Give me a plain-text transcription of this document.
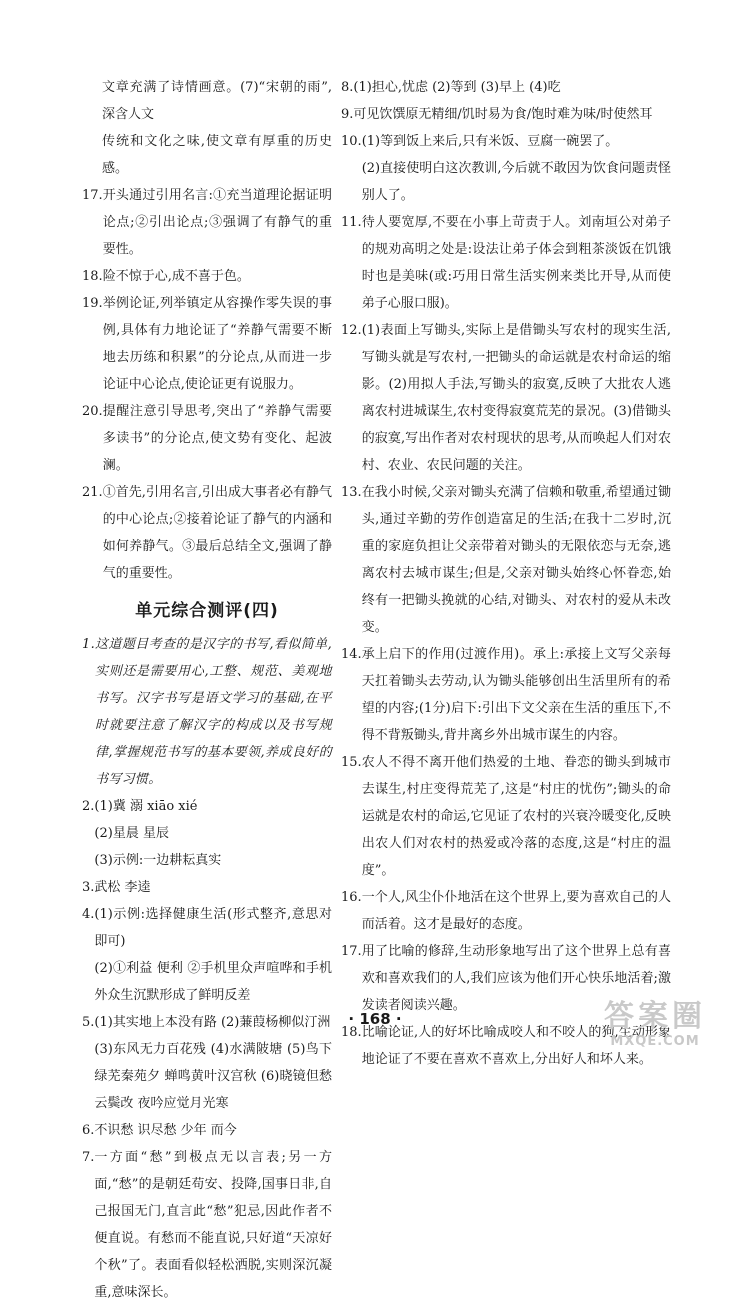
文章充满了诗情画意。(7)“宋朝的雨”,深含人文
传统和文化之味,使文章有厚重的历史感。
17. 开头通过引用名言:①充当道理论据证明论点;②引出论点;③强调了有静气的重要性。
18. 险不惊于心,成不喜于色。
19. 举例论证,列举镇定从容操作零失误的事例,具体有力地论证了“养静气需要不断地去历练和积累”的分论点,从而进一步论证中心论点,使论证更有说服力。
20. 提醒注意引导思考,突出了“养静气需要多读书”的分论点,使文势有变化、起波澜。
21. ①首先,引用名言,引出成大事者必有静气的中心论点;②接着论证了静气的内涵和如何养静气。③最后总结全文,强调了静气的重要性。
单元综合测评(四)
1. 这道题目考查的是汉字的书写,看似简单,实则还是需要用心,工整、规范、美观地书写。汉字书写是语文学习的基础,在平时就要注意了解汉字的构成以及书写规律,掌握规范书写的基本要领,养成良好的书写习惯。
2. (1)冀 溺 xiāo xié
(2)星晨 星辰
(3)示例:一边耕耘真实
3. 武松 李逵
4. (1)示例:选择健康生活(形式整齐,意思对即可)
(2)①利益 便利 ②手机里众声喧哗和手机外众生沉默形成了鲜明反差
5. (1)其实地上本没有路 (2)蒹葭杨柳似汀洲
(3)东风无力百花残 (4)水满陂塘 (5)鸟下绿芜秦苑夕 蝉鸣黄叶汉宫秋 (6)晓镜但愁云鬓改 夜吟应觉月光寒
6. 不识愁 识尽愁 少年 而今
7. 一方面“愁”到极点无以言表;另一方面,“愁”的是朝廷苟安、投降,国事日非,自己报国无门,直言此“愁”犯忌,因此作者不便直说。有愁而不能直说,只好道“天凉好个秋”了。表面看似轻松洒脱,实则深沉凝重,意味深长。
8. (1)担心,忧虑 (2)等到 (3)早上 (4)吃
9. 可见饮馔原无精细/饥时易为食/饱时难为味/时使然耳
10. (1)等到饭上来后,只有米饭、豆腐一碗罢了。
(2)直接使明白这次教训,今后就不敢因为饮食问题责怪别人了。
11. 待人要宽厚,不要在小事上苛责于人。刘南垣公对弟子的规劝高明之处是:设法让弟子体会到粗茶淡饭在饥饿时也是美味(或:巧用日常生活实例来类比开导,从而使弟子心服口服)。
12. (1)表面上写锄头,实际上是借锄头写农村的现实生活,写锄头就是写农村,一把锄头的命运就是农村命运的缩影。(2)用拟人手法,写锄头的寂寞,反映了大批农人逃离农村进城谋生,农村变得寂寞荒芜的景况。(3)借锄头的寂寞,写出作者对农村现状的思考,从而唤起人们对农村、农业、农民问题的关注。
13. 在我小时候,父亲对锄头充满了信赖和敬重,希望通过锄头,通过辛勤的劳作创造富足的生活;在我十二岁时,沉重的家庭负担让父亲带着对锄头的无限依恋与无奈,逃离农村去城市谋生;但是,父亲对锄头始终心怀眷恋,始终有一把锄头挽就的心结,对锄头、对农村的爱从未改变。
14. 承上启下的作用(过渡作用)。承上:承接上文写父亲每天扛着锄头去劳动,认为锄头能够创出生活里所有的希望的内容;(1分)启下:引出下文父亲在生活的重压下,不得不背叛锄头,背井离乡外出城市谋生的内容。
15. 农人不得不离开他们热爱的土地、眷恋的锄头到城市去谋生,村庄变得荒芜了,这是“村庄的忧伤”;锄头的命运就是农村的命运,它见证了农村的兴衰冷暖变化,反映出农人们对农村的热爱或冷落的态度,这是“村庄的温度”。
16. 一个人,风尘仆仆地活在这个世界上,要为喜欢自己的人而活着。这才是最好的态度。
17. 用了比喻的修辞,生动形象地写出了这个世界上总有喜欢和喜欢我们的人,我们应该为他们开心快乐地活着;激发读者阅读兴趣。
18. 比喻论证,人的好坏比喻成咬人和不咬人的狗,生动形象地论证了不要在喜欢不喜欢上,分出好人和坏人来。
· 168 ·	答案圈
MXQE.COM
